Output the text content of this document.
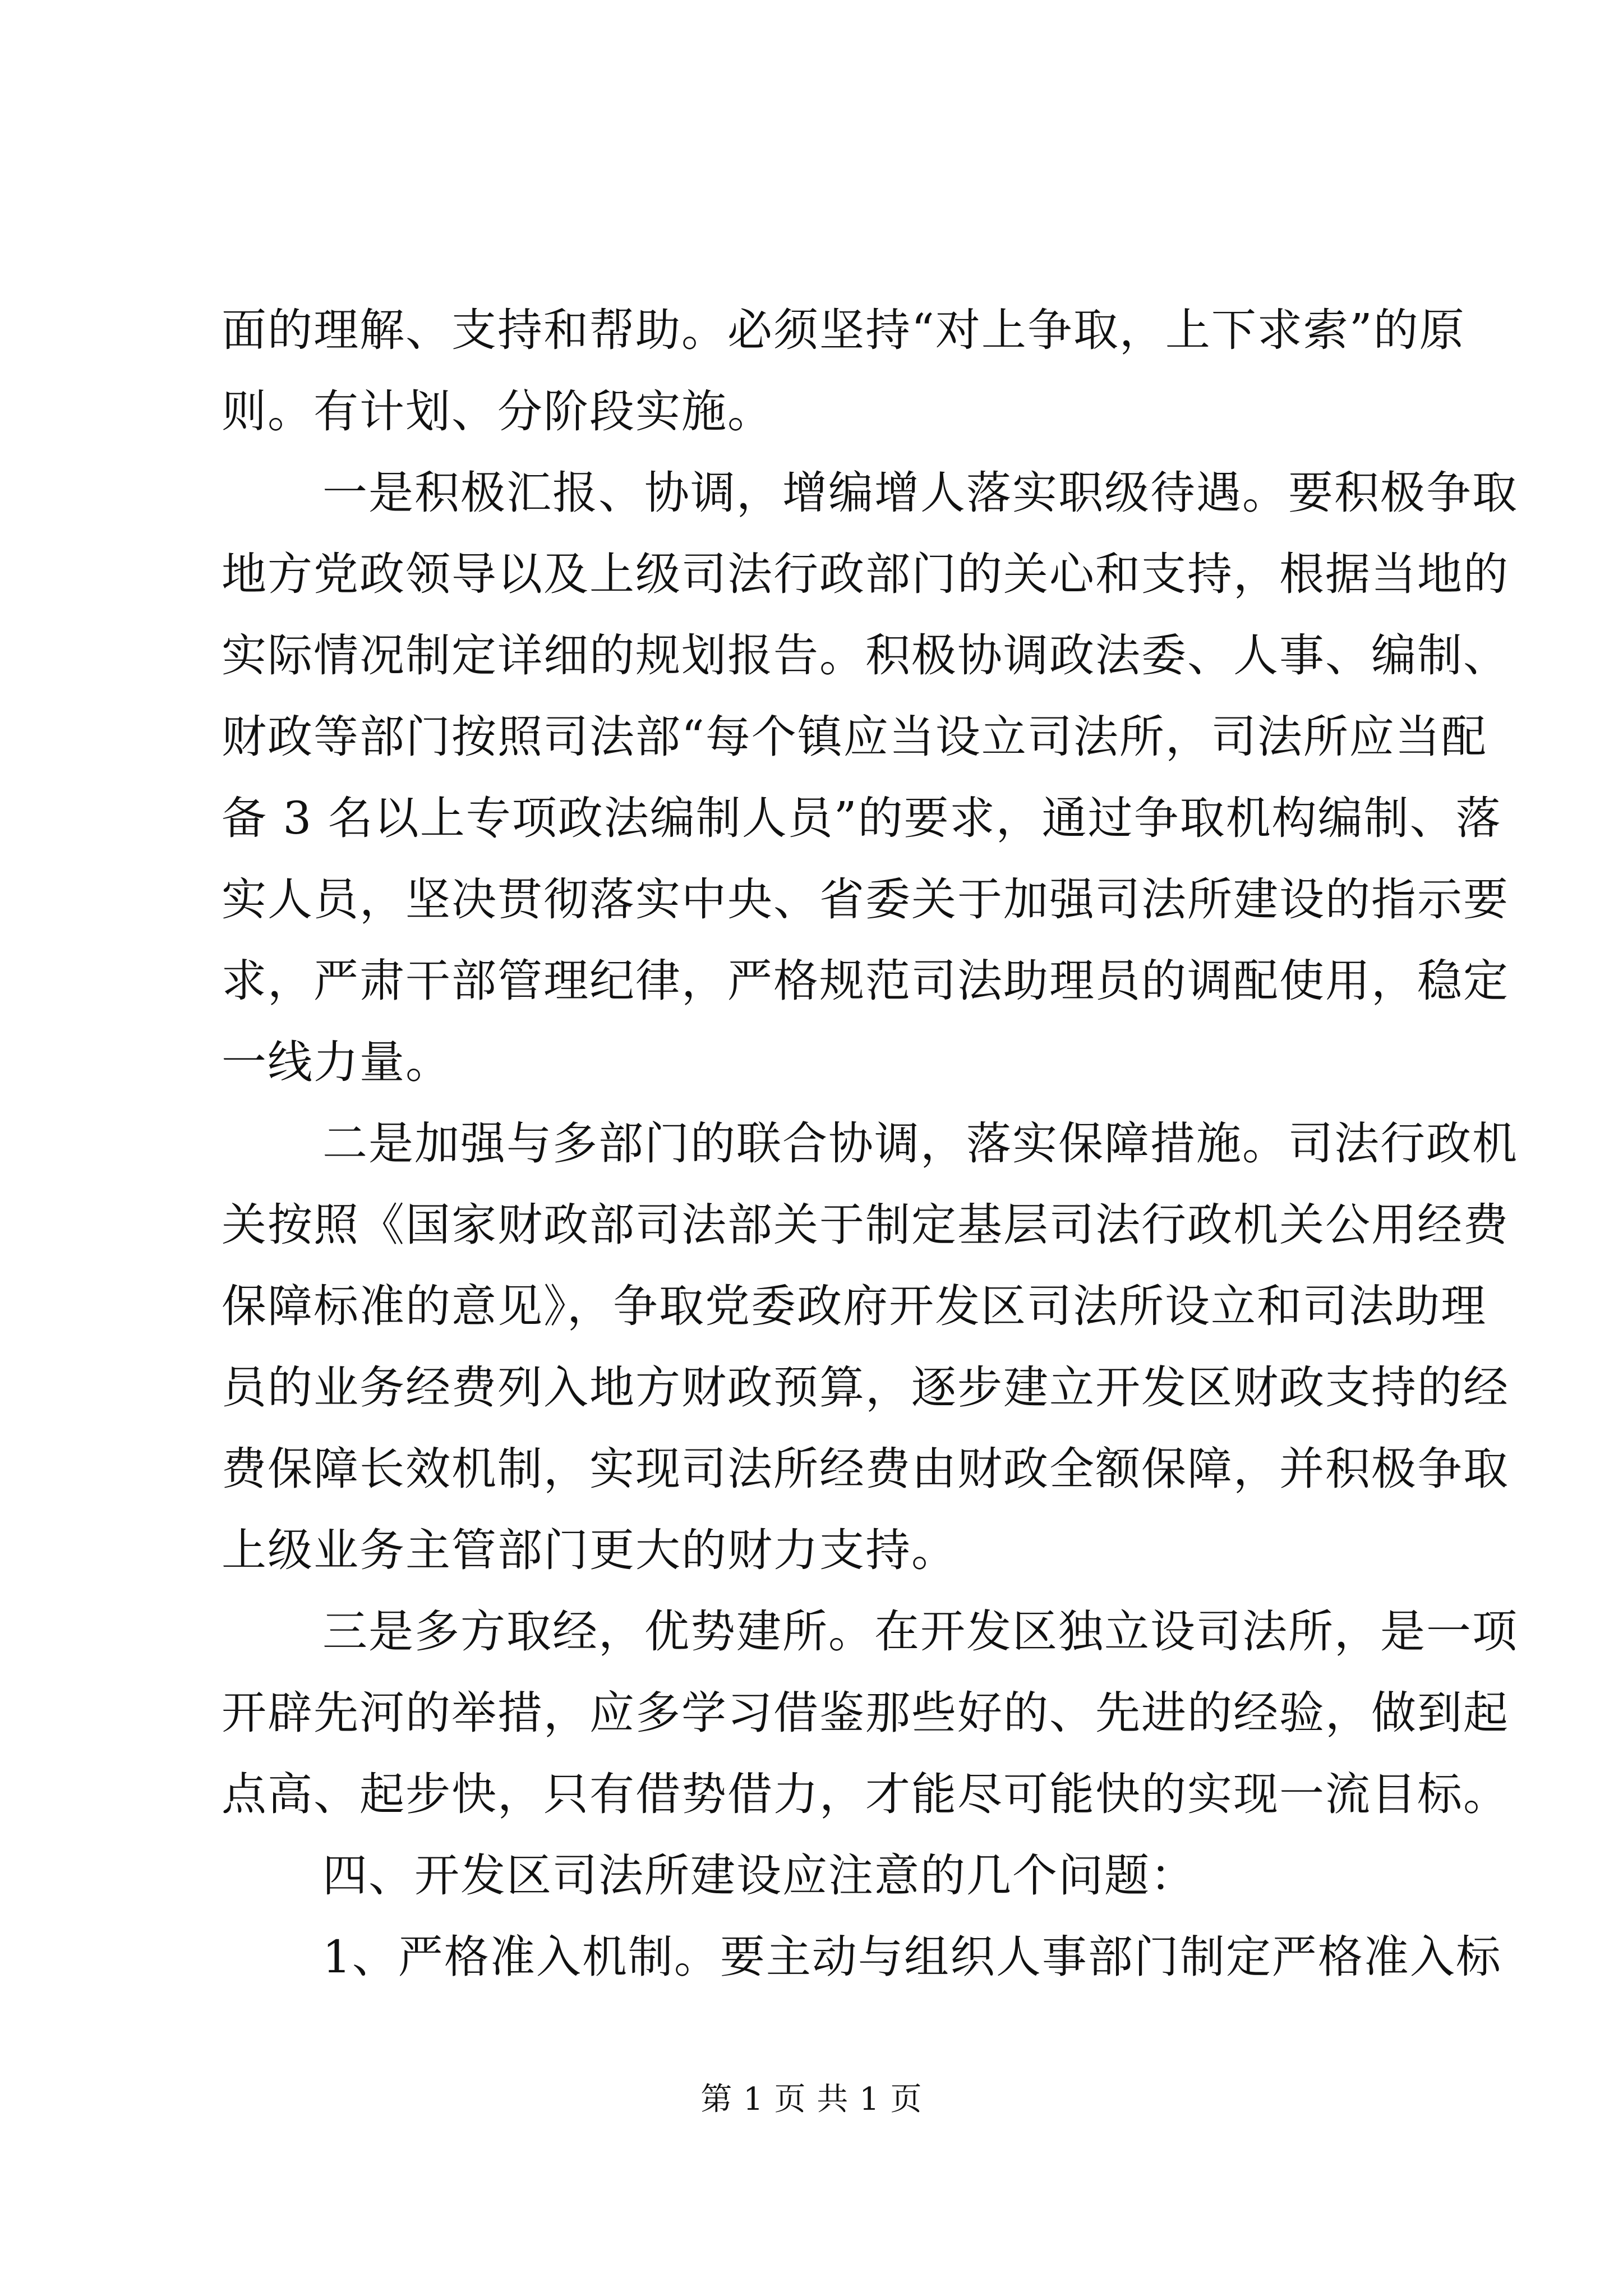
面的理解、支持和帮助。必须坚持“对上争取，上下求索”的原
则。有计划、分阶段实施。
一是积极汇报、协调，增编增人落实职级待遇。要积极争取
地方党政领导以及上级司法行政部门的关心和支持，根据当地的
实际情况制定详细的规划报告。积极协调政法委、人事、编制、
财政等部门按照司法部“每个镇应当设立司法所，司法所应当配
备 3 名以上专项政法编制人员”的要求，通过争取机构编制、落
实人员，坚决贯彻落实中央、省委关于加强司法所建设的指示要
求，严肃干部管理纪律，严格规范司法助理员的调配使用，稳定
一线力量。
二是加强与多部门的联合协调，落实保障措施。司法行政机
关按照《国家财政部司法部关于制定基层司法行政机关公用经费
保障标准的意见》，争取党委政府开发区司法所设立和司法助理
员的业务经费列入地方财政预算，逐步建立开发区财政支持的经
费保障长效机制，实现司法所经费由财政全额保障，并积极争取
上级业务主管部门更大的财力支持。
三是多方取经，优势建所。在开发区独立设司法所，是一项
开辟先河的举措，应多学习借鉴那些好的、先进的经验，做到起
点高、起步快，只有借势借力，才能尽可能快的实现一流目标。
四、开发区司法所建设应注意的几个问题：
1、严格准入机制。要主动与组织人事部门制定严格准入标
第 1 页 共 1 页
